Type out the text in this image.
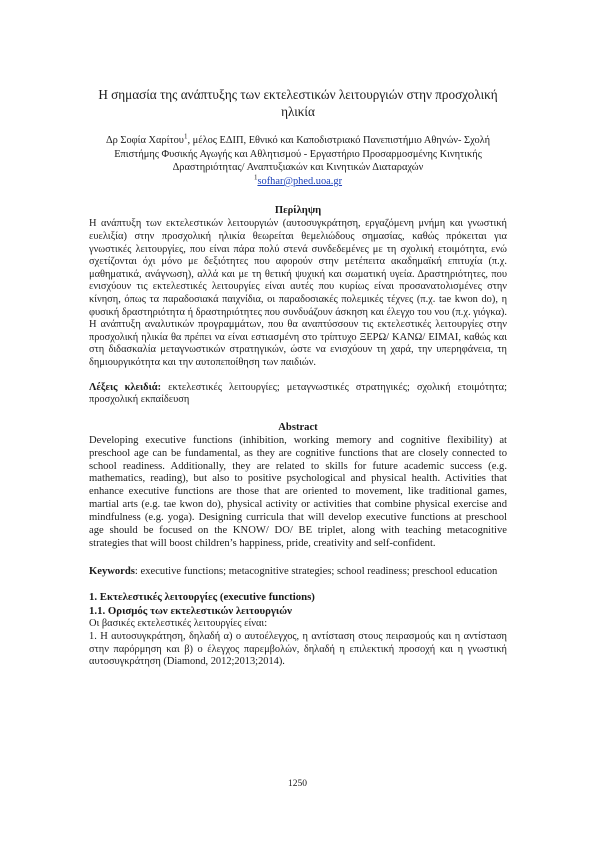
Η σημασία της ανάπτυξης των εκτελεστικών λειτουργιών στην προσχολική ηλικία
Δρ Σοφία Χαρίτου$^1$, μέλος ΕΔΙΠ, Εθνικό και Καποδιστριακό Πανεπιστήμιο Αθηνών- Σχολή Επιστήμης Φυσικής Αγωγής και Αθλητισμού - Εργαστήριο Προσαρμοσμένης Κινητικής Δραστηριότητας/ Αναπτυξιακών και Κινητικών Διαταραχών
$^1$sofhar@phed.uoa.gr
Περίληψη

Η ανάπτυξη των εκτελεστικών λειτουργιών (αυτοσυγκράτηση, εργαζόμενη μνήμη και γνωστική ευελιξία) στην προσχολική ηλικία θεωρείται θεμελιώδους σημασίας, καθώς πρόκειται για γνωστικές λειτουργίες, που είναι πάρα πολύ στενά συνδεδεμένες με τη σχολική ετοιμότητα, ενώ σχετίζονται όχι μόνο με δεξιότητες που αφορούν στην μετέπειτα ακαδημαϊκή επιτυχία (π.χ. μαθηματικά, ανάγνωση), αλλά και με τη θετική ψυχική και σωματική υγεία. Δραστηριότητες, που ενισχύουν τις εκτελεστικές λειτουργίες είναι αυτές που κυρίως είναι προσανατολισμένες στην κίνηση, όπως τα παραδοσιακά παιχνίδια, οι παραδοσιακές πολεμικές τέχνες (π.χ. tae kwon do), η φυσική δραστηριότητα ή δραστηριότητες που συνδυάζουν άσκηση και έλεγχο του νου (π.χ. γιόγκα). Η ανάπτυξη αναλυτικών προγραμμάτων, που θα αναπτύσσουν τις εκτελεστικές λειτουργίες στην προσχολική ηλικία θα πρέπει να είναι εστιασμένη στο τρίπτυχο ΞΕΡΩ/ ΚΑΝΩ/ ΕΙΜΑΙ, καθώς και στη διδασκαλία μεταγνωστικών στρατηγικών, ώστε να ενισχύουν τη χαρά, την υπερηφάνεια, τη δημιουργικότητα και την αυτοπεποίθηση των παιδιών.

Λέξεις κλειδιά: εκτελεστικές λειτουργίες; μεταγνωστικές στρατηγικές; σχολική ετοιμότητα; προσχολική εκπαίδευση
Abstract

Developing executive functions (inhibition, working memory and cognitive flexibility) at preschool age can be fundamental, as they are cognitive functions that are closely connected to school readiness. Additionally, they are related to skills for future academic success (e.g. mathematics, reading), but also to positive psychological and physical health. Activities that enhance executive functions are those that are oriented to movement, like traditional games, martial arts (e.g. tae kwon do), physical activity or activities that combine physical exercise and mindfulness (e.g. yoga). Designing curricula that will develop executive functions at preschool age should be focused on the KNOW/ DO/ BE triplet, along with teaching metacognitive strategies that will boost children’s happiness, pride, creativity and self-confident.

Keywords: executive functions; metacognitive strategies; school readiness; preschool education
1. Εκτελεστικές λειτουργίες (executive functions)
1.1. Ορισμός των εκτελεστικών λειτουργιών
Οι βασικές εκτελεστικές λειτουργίες είναι:
1. Η αυτοσυγκράτηση, δηλαδή α) ο αυτοέλεγχος, η αντίσταση στους πειρασμούς και η αντίσταση στην παρόρμηση και β) ο έλεγχος παρεμβολών, δηλαδή η επιλεκτική προσοχή και η γνωστική αυτοσυγκράτηση (Diamond, 2012;2013;2014).
1250
